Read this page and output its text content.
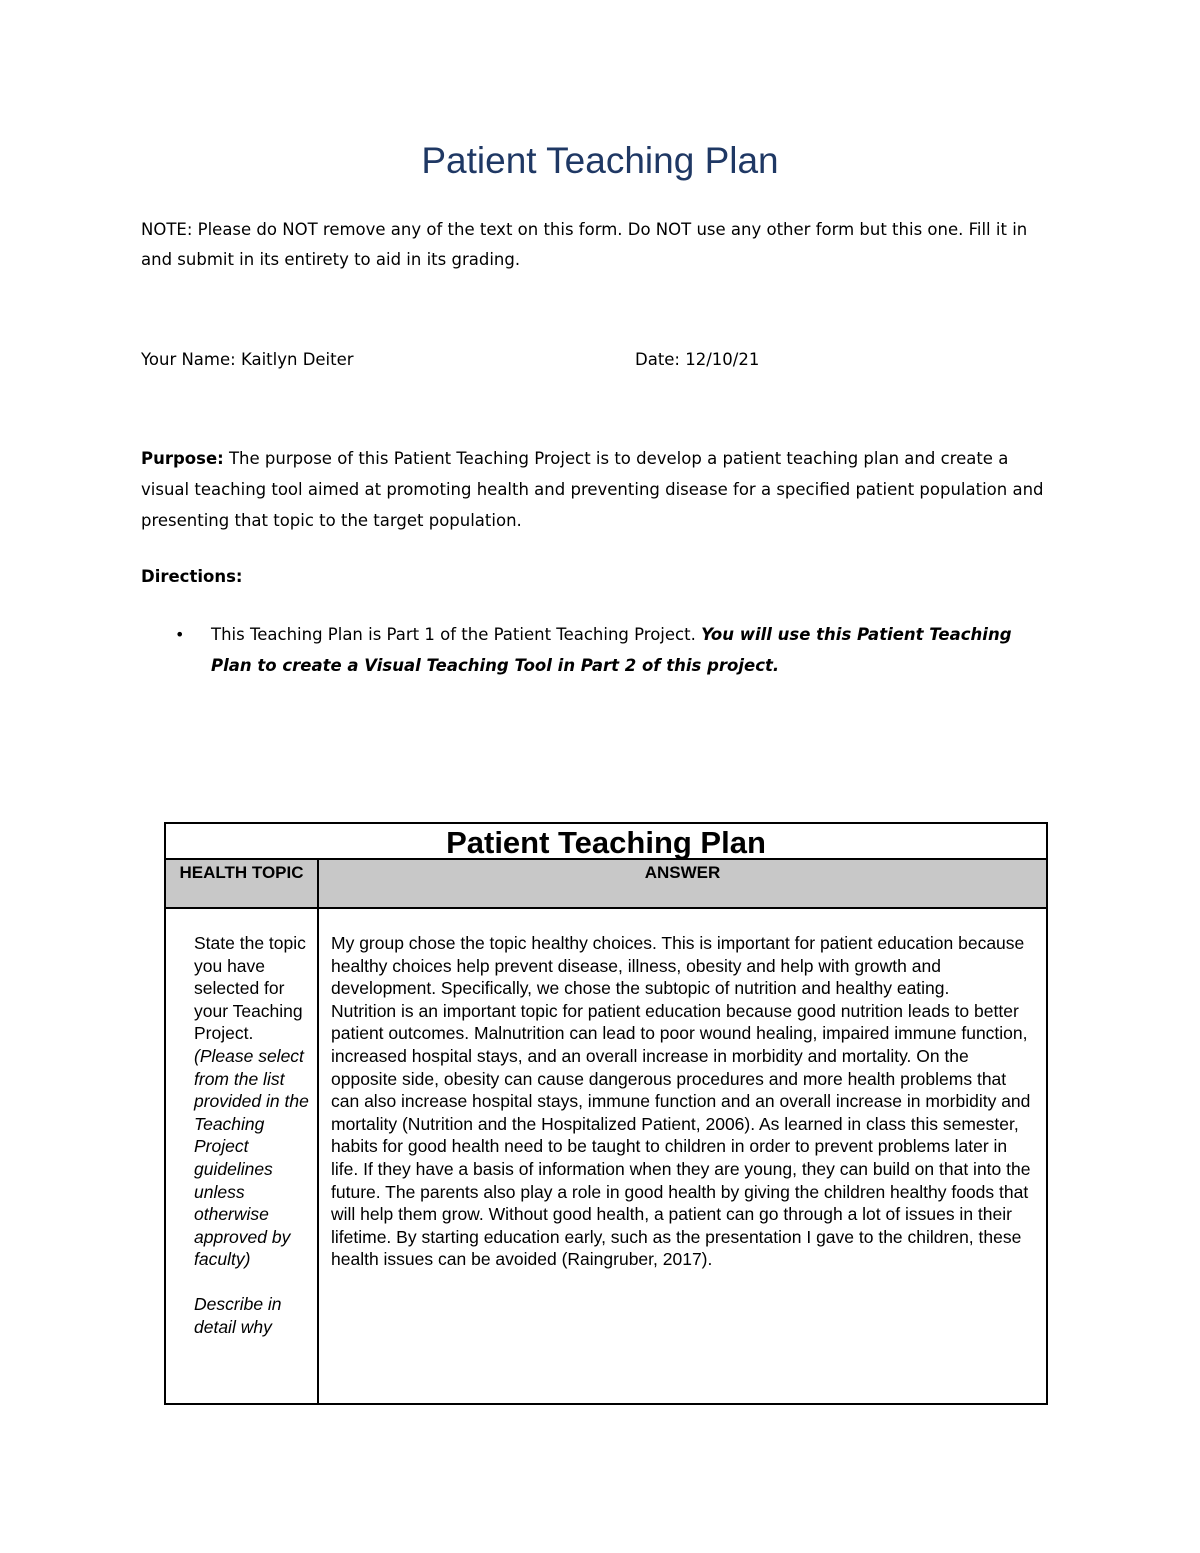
Patient Teaching Plan

NOTE: Please do NOT remove any of the text on this form. Do NOT use any other form but this one. Fill it in and submit in its entirety to aid in its grading.

Your Name: Kaitlyn Deiter	Date: 12/10/21

Purpose: The purpose of this Patient Teaching Project is to develop a patient teaching plan and create a visual teaching tool aimed at promoting health and preventing disease for a specified patient population and presenting that topic to the target population.

Directions:

• This Teaching Plan is Part 1 of the Patient Teaching Project. You will use this Patient Teaching Plan to create a Visual Teaching Tool in Part 2 of this project.
Patient Teaching Plan
HEALTH TOPIC	ANSWER

State the topic you have selected for your Teaching Project.

(Please select from the list provided in the Teaching Project guidelines unless otherwise approved by faculty)

Describe in detail why

My group chose the topic healthy choices. This is important for patient education because healthy choices help prevent disease, illness, obesity and help with growth and development. Specifically, we chose the subtopic of nutrition and healthy eating.

Nutrition is an important topic for patient education because good nutrition leads to better patient outcomes. Malnutrition can lead to poor wound healing, impaired immune function, increased hospital stays, and an overall increase in morbidity and mortality. On the opposite side, obesity can cause dangerous procedures and more health problems that can also increase hospital stays, immune function and an overall increase in morbidity and mortality (Nutrition and the Hospitalized Patient, 2006). As learned in class this semester, habits for good health need to be taught to children in order to prevent problems later in life. If they have a basis of information when they are young, they can build on that into the future. The parents also play a role in good health by giving the children healthy foods that will help them grow. Without good health, a patient can go through a lot of issues in their lifetime. By starting education early, such as the presentation I gave to the children, these health issues can be avoided (Raingruber, 2017).
